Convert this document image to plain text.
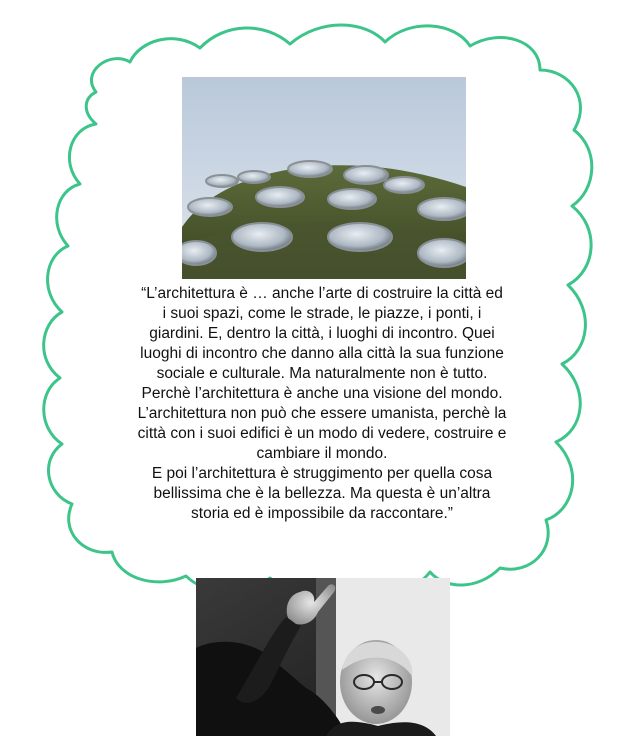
“L’architettura è … anche l’arte di costruire la città ed
i suoi spazi, come le strade, le piazze, i ponti, i
giardini. E, dentro la città, i luoghi di incontro. Quei
luoghi di incontro che danno alla città la sua funzione
sociale e culturale. Ma naturalmente non è tutto.
Perchè l’architettura è anche una visione del mondo.
L’architettura non può che essere umanista, perchè la
città con i suoi edifici è un modo di vedere, costruire e
cambiare il mondo.
E poi l’architettura è struggimento per quella cosa
bellissima che è la bellezza. Ma questa è un’altra
storia ed è impossibile da raccontare.”
